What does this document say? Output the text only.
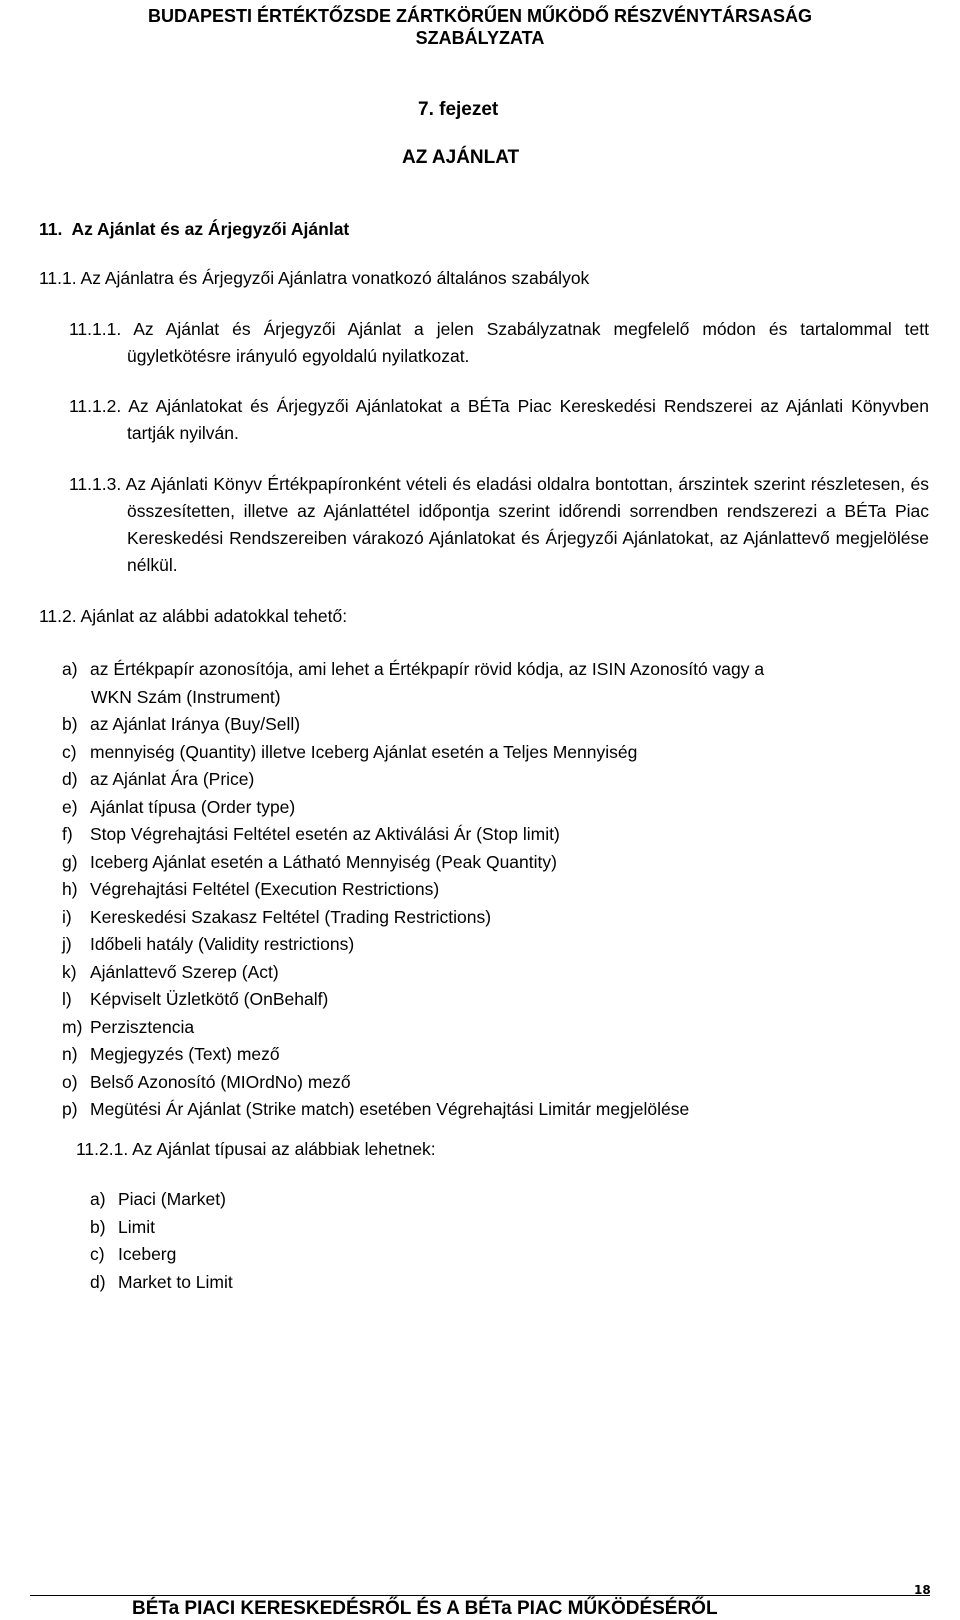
BUDAPESTI ÉRTÉKTŐZSDE ZÁRTKÖRŰEN MŰKÖDŐ RÉSZVÉNYTÁRSASÁG
SZABÁLYZATA
7. fejezet
AZ AJÁNLAT
11. Az Ajánlat és az Árjegyzői Ajánlat
11.1. Az Ajánlatra és Árjegyzői Ajánlatra vonatkozó általános szabályok
11.1.1. Az Ajánlat és Árjegyzői Ajánlat a jelen Szabályzatnak megfelelő módon és tartalommal tett ügyletkötésre irányuló egyoldalú nyilatkozat.
11.1.2. Az Ajánlatokat és Árjegyzői Ajánlatokat a BÉTa Piac Kereskedési Rendszerei az Ajánlati Könyvben tartják nyilván.
11.1.3. Az Ajánlati Könyv Értékpapíronként vételi és eladási oldalra bontottan, árszintek szerint részletesen, és összesítetten, illetve az Ajánlattétel időpontja szerint időrendi sorrendben rendszerezi a BÉTa Piac Kereskedési Rendszereiben várakozó Ajánlatokat és Árjegyzői Ajánlatokat, az Ajánlattevő megjelölése nélkül.
11.2. Ajánlat az alábbi adatokkal tehető:
a) az Értékpapír azonosítója, ami lehet a Értékpapír rövid kódja, az ISIN Azonosító vagy a
WKN Szám (Instrument)
b) az Ajánlat Iránya (Buy/Sell)
c) mennyiség (Quantity) illetve Iceberg Ajánlat esetén a Teljes Mennyiség
d) az Ajánlat Ára (Price)
e) Ajánlat típusa (Order type)
f) Stop Végrehajtási Feltétel esetén az Aktiválási Ár (Stop limit)
g) Iceberg Ajánlat esetén a Látható Mennyiség (Peak Quantity)
h) Végrehajtási Feltétel (Execution Restrictions)
i) Kereskedési Szakasz Feltétel (Trading Restrictions)
j) Időbeli hatály (Validity restrictions)
k) Ajánlattevő Szerep (Act)
l) Képviselt Üzletkötő (OnBehalf)
m) Perzisztencia
n) Megjegyzés (Text) mező
o) Belső Azonosító (MIOrdNo) mező
p) Megütési Ár Ajánlat (Strike match) esetében Végrehajtási Limitár megjelölése
11.2.1. Az Ajánlat típusai az alábbiak lehetnek:
a) Piaci (Market)
b) Limit
c) Iceberg
d) Market to Limit
BÉTa PIACI KERESKEDÉSRŐL ÉS A BÉTa PIAC MŰKÖDÉSÉRŐL
18
